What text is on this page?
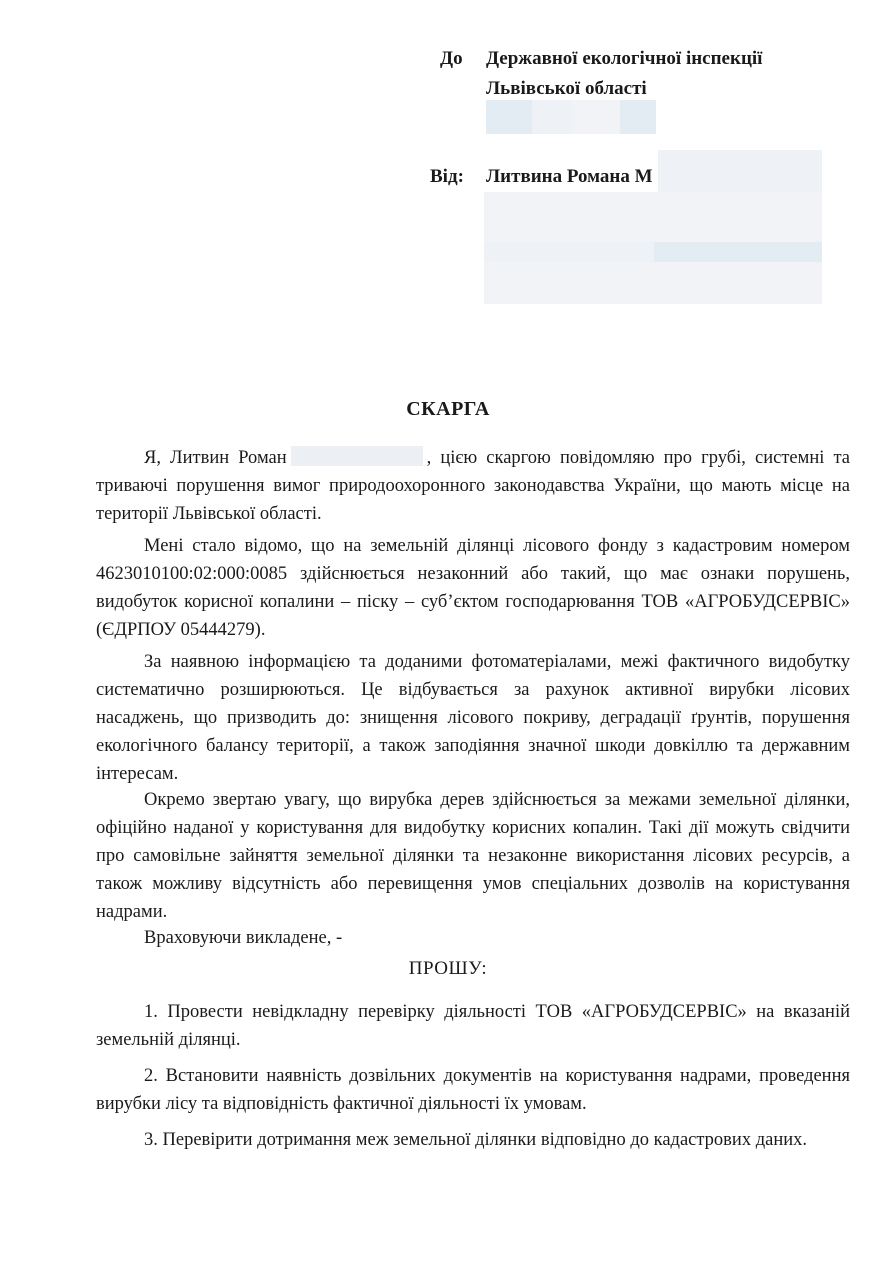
До Державної екологічної інспекції
Львівської області
Від: Литвина Романа М
СКАРГА
Я, Литвин Роман	, цією скаргою повідомляю про грубі, системні та триваючі порушення вимог природоохоронного законодавства України, що мають місце на території Львівської області.
Мені стало відомо, що на земельній ділянці лісового фонду з кадастровим номером 4623010100:02:000:0085 здійснюється незаконний або такий, що має ознаки порушень, видобуток корисної копалини – піску – суб’єктом господарювання ТОВ «АГРОБУДСЕРВІС» (ЄДРПОУ 05444279).
За наявною інформацією та доданими фотоматеріалами, межі фактичного видобутку систематично розширюються. Це відбувається за рахунок активної вирубки лісових насаджень, що призводить до: знищення лісового покриву, деградації ґрунтів, порушення екологічного балансу території, а також заподіяння значної шкоди довкіллю та державним інтересам.
Окремо звертаю увагу, що вирубка дерев здійснюється за межами земельної ділянки, офіційно наданої у користування для видобутку корисних копалин. Такі дії можуть свідчити про самовільне зайняття земельної ділянки та незаконне використання лісових ресурсів, а також можливу відсутність або перевищення умов спеціальних дозволів на користування надрами.
Враховуючи викладене, -
ПРОШУ:
1. Провести невідкладну перевірку діяльності ТОВ «АГРОБУДСЕРВІС» на вказаній земельній ділянці.
2. Встановити наявність дозвільних документів на користування надрами, проведення вирубки лісу та відповідність фактичної діяльності їх умовам.
3. Перевірити дотримання меж земельної ділянки відповідно до кадастрових даних.
